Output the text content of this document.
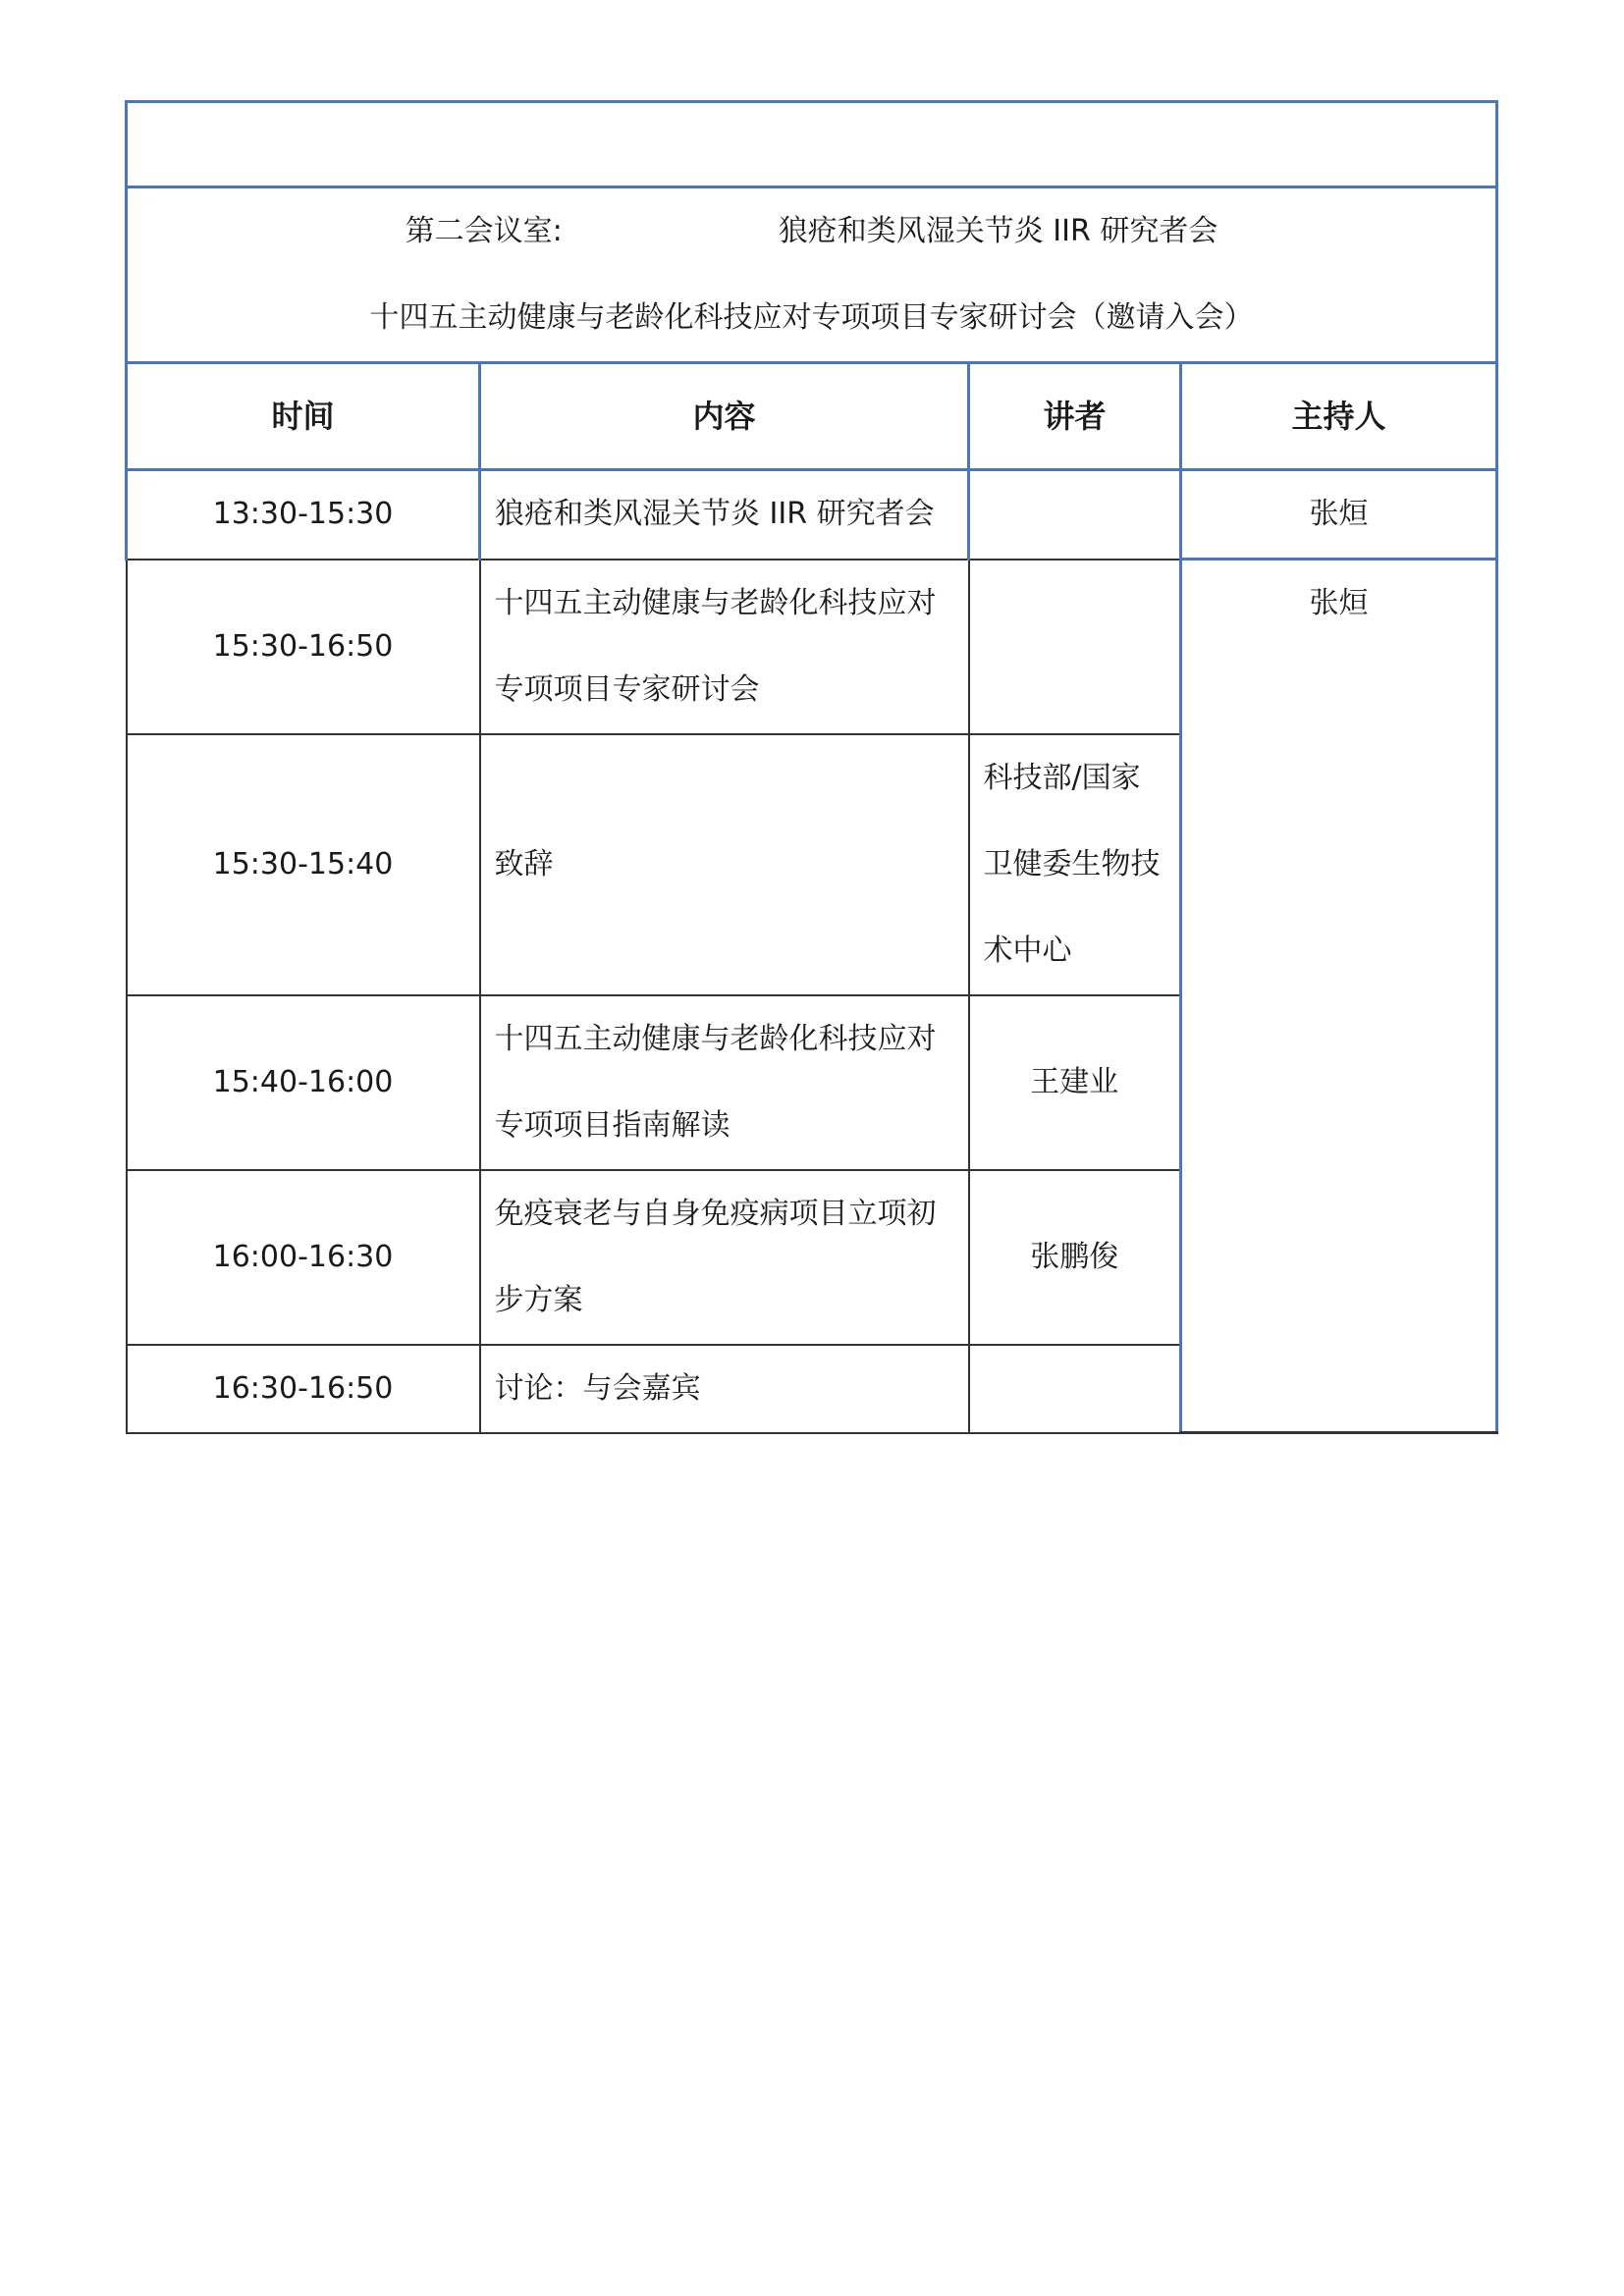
第二会议室: 狼疮和类风湿关节炎 IIR 研究者会
十四五主动健康与老龄化科技应对专项项目专家研讨会（邀请入会）			

时间	内容	讲者	主持人
13:30-15:30	狼疮和类风湿关节炎 IIR 研究者会		张烜
15:30-16:50	十四五主动健康与老龄化科技应对
专项项目专家研讨会		张烜
15:30-15:40	致辞	科技部/国家
卫健委生物技
术中心	

15:40-16:00	十四五主动健康与老龄化科技应对
专项项目指南解读	王建业	
16:00-16:30	免疫衰老与自身免疫病项目立项初
步方案	张鹏俊	
16:30-16:50	讨论：与会嘉宾		
